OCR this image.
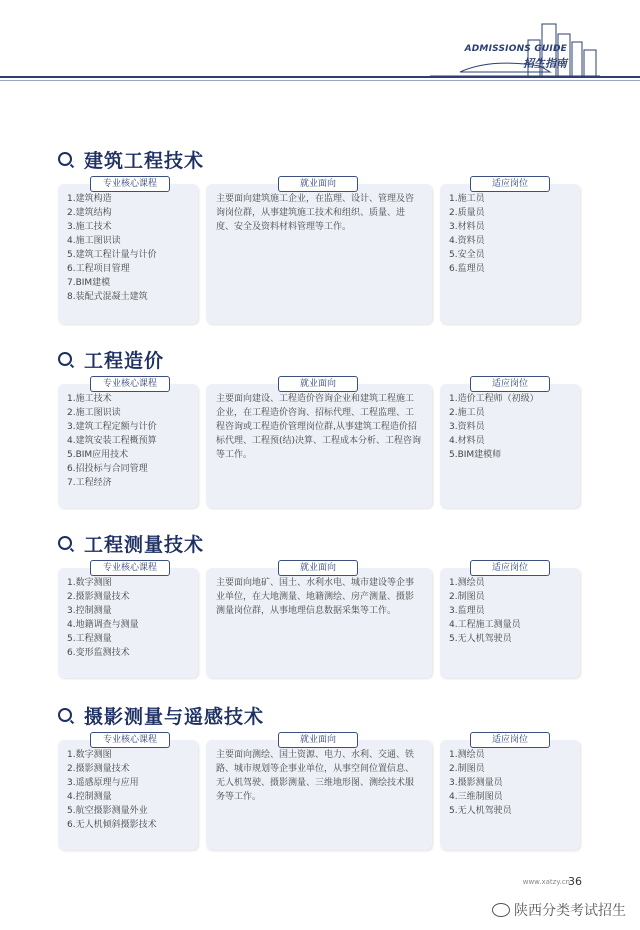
ADMISSIONS GUIDE
招生指南
建筑工程技术
专业核心课程
1.建筑构造
2.建筑结构
3.施工技术
4.施工图识读
5.建筑工程计量与计价
6.工程项目管理
7.BIM建模
8.装配式混凝土建筑
就业面向
主要面向建筑施工企业，在监理、设计、管理及咨询岗位群，从事建筑施工技术和组织、质量、进度、安全及资料材料管理等工作。
适应岗位
1.施工员
2.质量员
3.材料员
4.资料员
5.安全员
6.监理员
工程造价
专业核心课程
1.施工技术
2.施工图识读
3.建筑工程定额与计价
4.建筑安装工程概预算
5.BIM应用技术
6.招投标与合同管理
7.工程经济
就业面向
主要面向建设、工程造价咨询企业和建筑工程施工企业，在工程造价咨询、招标代理、工程监理、工程咨询或工程造价管理岗位群,从事建筑工程造价招标代理、工程预(结)决算、工程成本分析、工程咨询等工作。
适应岗位
1.造价工程师（初级）
2.施工员
3.资料员
4.材料员
5.BIM建模师
工程测量技术
专业核心课程
1.数字测图
2.摄影测量技术
3.控制测量
4.地籍调查与测量
5.工程测量
6.变形监测技术
就业面向
主要面向地矿、国土、水利水电、城市建设等企事业单位，在大地测量、地籍测绘、房产测量、摄影测量岗位群，从事地理信息数据采集等工作。
适应岗位
1.测绘员
2.制图员
3.监理员
4.工程施工测量员
5.无人机驾驶员
摄影测量与遥感技术
专业核心课程
1.数字测图
2.摄影测量技术
3.遥感原理与应用
4.控制测量
5.航空摄影测量外业
6.无人机倾斜摄影技术
就业面向
主要面向测绘、国土资源、电力、水利、交通、铁路、城市规划等企事业单位，从事空间位置信息、无人机驾驶、摄影测量、三维地形图、测绘技术服务等工作。
适应岗位
1.测绘员
2.制图员
3.摄影测量员
4.三维制图员
5.无人机驾驶员
www.xatzy.cn
36
陕西分类考试招生
